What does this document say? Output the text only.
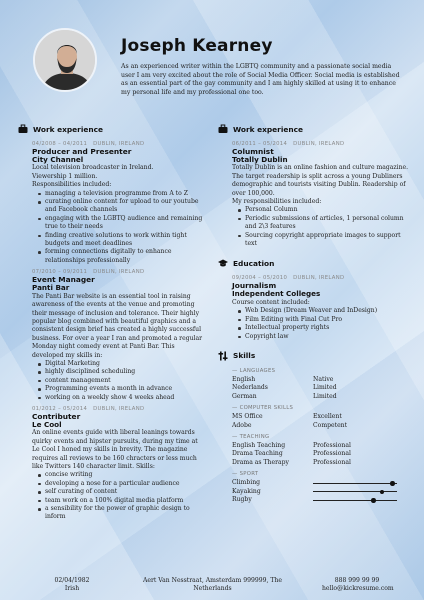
Joseph Kearney
As an experienced writer within the LGBTQ community and a passionate social media user I am very excited about the role of Social Media Officer. Social media is established as an essential part of the gay community and I am highly skilled at using it to enhance my personal life and my professional one too.
Work experience
04/2008 – 04/2011 DUBLIN, IRELAND
Producer and Presenter
City Channel
Local television broadcaster in Ireland.
Viewership 1 million.
Responsibilities included:
managing a television programme from A to Z
curating online content for upload to our youtube and Facebook channels
engaging with the LGBTQ audience and remaining true to their needs
finding creative solutions to work within tight budgets and meet deadlines
forming connections digitally to enhance relationships professionally
07/2010 – 09/2011 DUBLIN, IRELAND
Event Manager
Panti Bar
The Panti Bar website is an essential tool in raising awareness of the events at the venue and promoting their message of inclusion and tolerance. Their highly popular blog combined with beautiful graphics and a consistent design brief has created a highly successful business. For over a year I ran and promoted a regular Monday night comedy event at Panti Bar. This developed my skills in:
Digital Marketing
highly disciplined scheduling
content management
Programming events a month in advance
working on a weekly show 4 weeks ahead
01/2012 – 05/2014 DUBLIN, IRELAND
Contributer
Le Cool
An online events guide with liberal leanings towards quirky events and hipster pursuits, during my time at Le Cool I honed my skills in brevity. The magazine requires all reviews to be 160 chracters or less much like Twitters 140 character limit. Skills:
concise writing
developing a nose for a particular audience
self curating of content
team work on a 100% digital media platform
a sensibility for the power of graphic design to inform
Work experience
06/2011 – 05/2014 DUBLIN, IRELAND
Columnist
Totally Dublin
Totally Dublin is an online fashion and culture magazine. The target readership is split across a young Dubliners demographic and tourists visiting Dublin. Readership of over 100,000.
My responsibilities included:
Personal Column
Periodic submissions of articles, 1 personal column and 2\3 features
Sourcing copyright appropriate images to support text
Education
09/2004 – 05/2010 DUBLIN, IRELAND
Journalism
Independent Colleges
Course content included:
Web Design (Dream Weaver and InDesign)
Film Editing with Final Cut Pro
Intellectual property rights
Copyright law
Skills
— LANGUAGES
English	Native
Nederlands	Limited
German	Limited
— COMPUTER SKILLS
MS Office	Excellent
Adobe	Competent
— TEACHING
English Teaching	Professional
Drama Teaching	Professional
Drama as Therapy	Professional
— SPORT
Climbing
Kayaking
Rugby
02/04/1982
Irish
Aert Van Nesstraat, Amsterdam 999999, The
Netherlands
888 999 99 99
hello@kickresume.com
